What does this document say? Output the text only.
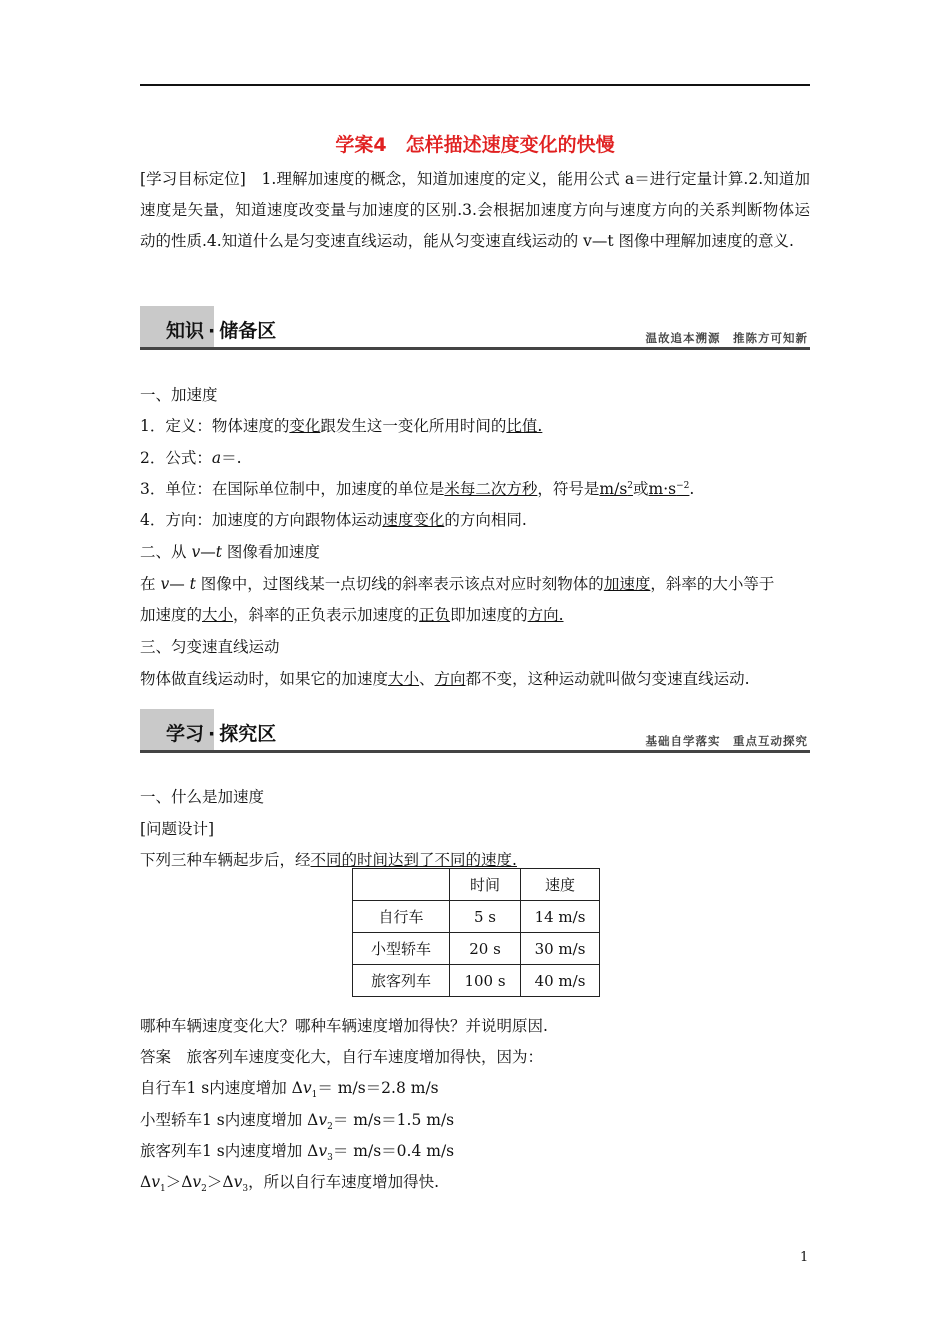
学案4　怎样描述速度变化的快慢
[学习目标定位]　1.理解加速度的概念，知道加速度的定义，能用公式 a＝进行定量计算.2.知道加速度是矢量，知道速度改变量与加速度的区别.3.会根据加速度方向与速度方向的关系判断物体运动的性质.4.知道什么是匀变速直线运动，能从匀变速直线运动的 v—t 图像中理解加速度的意义.
知识 · 储备区	温故追本溯源　推陈方可知新
一、加速度
1．定义：物体速度的变化跟发生这一变化所用时间的比值.
2．公式：a＝.
3．单位：在国际单位制中，加速度的单位是米每二次方秒，符号是$m/s^2$或$m\cdot s^{-2}$.
4．方向：加速度的方向跟物体运动速度变化的方向相同.
二、从 v—t 图像看加速度
在 v— t 图像中，过图线某一点切线的斜率表示该点对应时刻物体的加速度，斜率的大小等于
加速度的大小，斜率的正负表示加速度的正负即加速度的方向.
三、匀变速直线运动
物体做直线运动时，如果它的加速度大小、方向都不变，这种运动就叫做匀变速直线运动.
学习 · 探究区	基础自学落实　重点互动探究
一、什么是加速度
[问题设计]
下列三种车辆起步后，经不同的时间达到了不同的速度.
	时间	速度
自行车	5 s	14 m/s
小型轿车	20 s	30 m/s
旅客列车	100 s	40 m/s
哪种车辆速度变化大？哪种车辆速度增加得快？并说明原因.
答案　旅客列车速度变化大，自行车速度增加得快，因为：
自行车1 s内速度增加 $\Delta v_1= m/s=2.8$ m/s
小型轿车1 s内速度增加 $\Delta v_2= m/s=1.5$ m/s
旅客列车1 s内速度增加 $\Delta v_3= m/s=0.4$ m/s
$\Delta v_1>\Delta v_2>\Delta v_3$，所以自行车速度增加得快.
1
